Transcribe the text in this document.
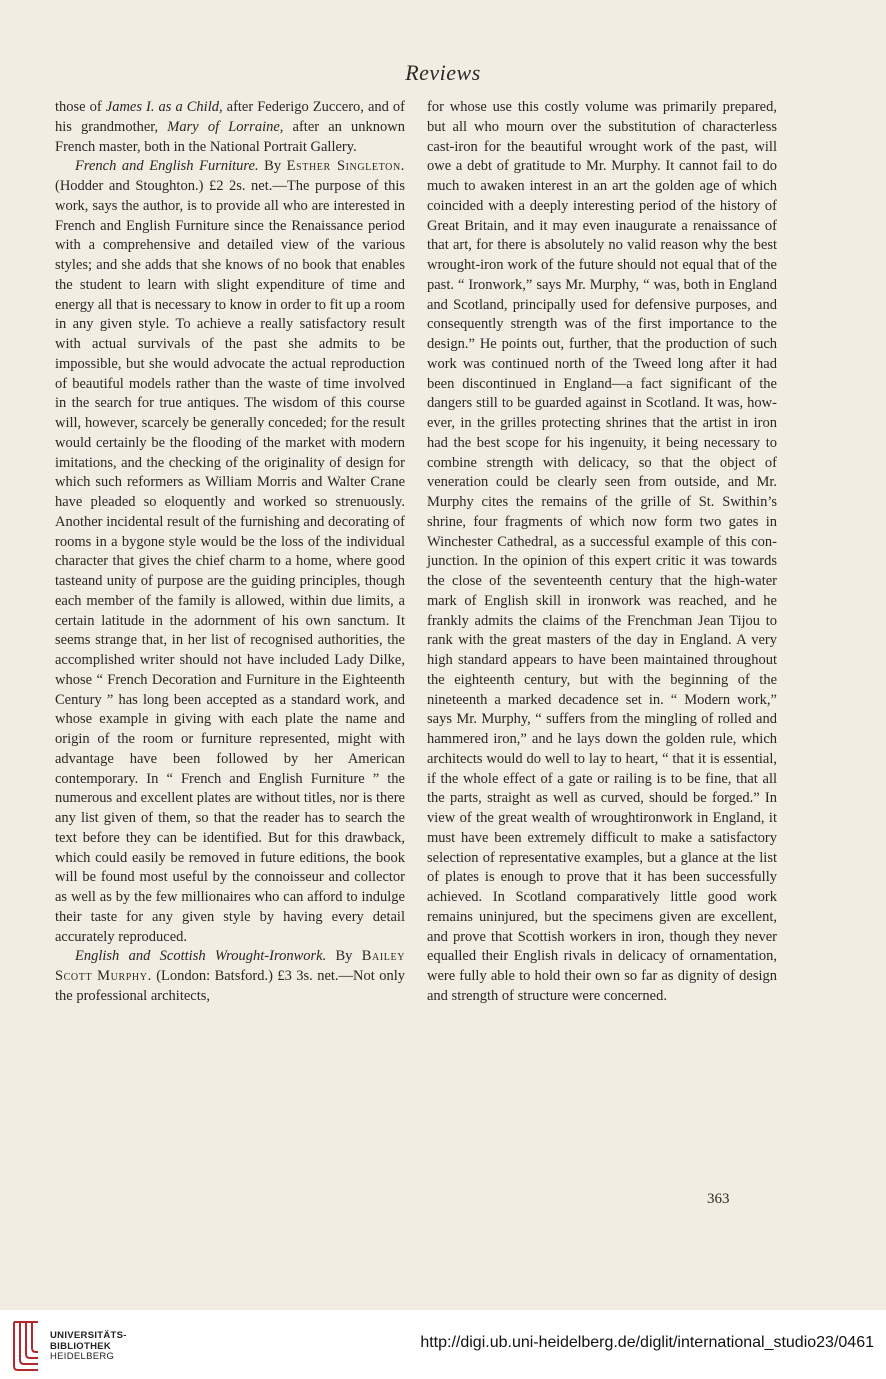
Reviews

those of James I. as a Child, after Federigo Zuccero, and of his grandmother, Mary of Lorraine, after an unknown French master, both in the National Portrait Gallery.

French and English Furniture. By Esther Singleton. (Hodder and Stoughton.) £2 2s. net.—The purpose of this work, says the author, is to provide all who are interested in French and English Furniture since the Renaissance period with a comprehensive and detailed view of the various styles; and she adds that she knows of no book that enables the student to learn with slight expenditure of time and energy all that is necessary to know in order to fit up a room in any given style. To achieve a really satisfactory result with actual survivals of the past she admits to be impossible, but she would advocate the actual reproduction of beautiful models rather than the waste of time involved in the search for true antiques. The wisdom of this course will, however, scarcely be generally conceded; for the result would certainly be the flooding of the market with modern imitations, and the checking of the originality of design for which such reformers as William Morris and Walter Crane have pleaded so eloquently and worked so strenuously. Another incidental result of the furnishing and decorating of rooms in a bygone style would be the loss of the individual character that gives the chief charm to a home, where good tasteand unity of purpose are the guiding principles, though each member of the family is allowed, within due limits, a certain latitude in the adornment of his own sanctum. It seems strange that, in her list of recognised authorities, the accomplished writer should not have included Lady Dilke, whose “ French Decoration and Furniture in the Eighteenth Century ” has long been accepted as a standard work, and whose example in giving with each plate the name and origin of the room or furniture represented, might with advantage have been followed by her American contemporary. In “ French and English Furniture ” the numerous and excellent plates are without titles, nor is there any list given of them, so that the reader has to search the text before they can be identified. But for this drawback, which could easily be removed in future editions, the book will be found most useful by the connoisseur and collector as well as by the few millionaires who can afford to indulge their taste for any given style by having every detail accurately reproduced.

English and Scottish Wrought-Ironwork. By Bailey Scott Murphy. (London: Batsford.) £3 3s. net.—Not only the professional architects,

for whose use this costly volume was primarily prepared, but all who mourn over the substitution of characterless cast-iron for the beautiful wrought work of the past, will owe a debt of gratitude to Mr. Murphy. It cannot fail to do much to awaken interest in an art the golden age of which coincided with a deeply interesting period of the history of Great Britain, and it may even inaugurate a renaissance of that art, for there is absolutely no valid reason why the best wrought-iron work of the future should not equal that of the past. “ Ironwork,” says Mr. Murphy, “ was, both in England and Scotland, principally used for defensive purposes, and consequently strength was of the first importance to the design.” He points out, further, that the production of such work was continued north of the Tweed long after it had been discontinued in England—a fact significant of the dangers still to be guarded against in Scotland. It was, however, in the grilles protecting shrines that the artist in iron had the best scope for his ingenuity, it being necessary to combine strength with delicacy, so that the object of veneration could be clearly seen from outside, and Mr. Murphy cites the remains of the grille of St. Swithin’s shrine, four fragments of which now form two gates in Winchester Cathedral, as a successful example of this conjunction. In the opinion of this expert critic it was towards the close of the seventeenth century that the high-water mark of English skill in ironwork was reached, and he frankly admits the claims of the Frenchman Jean Tijou to rank with the great masters of the day in England. A very high standard appears to have been maintained throughout the eighteenth century, but with the beginning of the nineteenth a marked decadence set in. “ Modern work,” says Mr. Murphy, “ suffers from the mingling of rolled and hammered iron,” and he lays down the golden rule, which architects would do well to lay to heart, “ that it is essential, if the whole effect of a gate or railing is to be fine, that all the parts, straight as well as curved, should be forged.” In view of the great wealth of wroughtironwork in England, it must have been extremely difficult to make a satisfactory selection of representative examples, but a glance at the list of plates is enough to prove that it has been successfully achieved. In Scotland comparatively little good work remains uninjured, but the specimens given are excellent, and prove that Scottish workers in iron, though they never equalled their English rivals in delicacy of ornamentation, were fully able to hold their own so far as dignity of design and strength of structure were concerned.

363
UNIVERSITÄTS-
BIBLIOTHEK
HEIDELBERG
http://digi.ub.uni-heidelberg.de/diglit/international_studio23/0461
